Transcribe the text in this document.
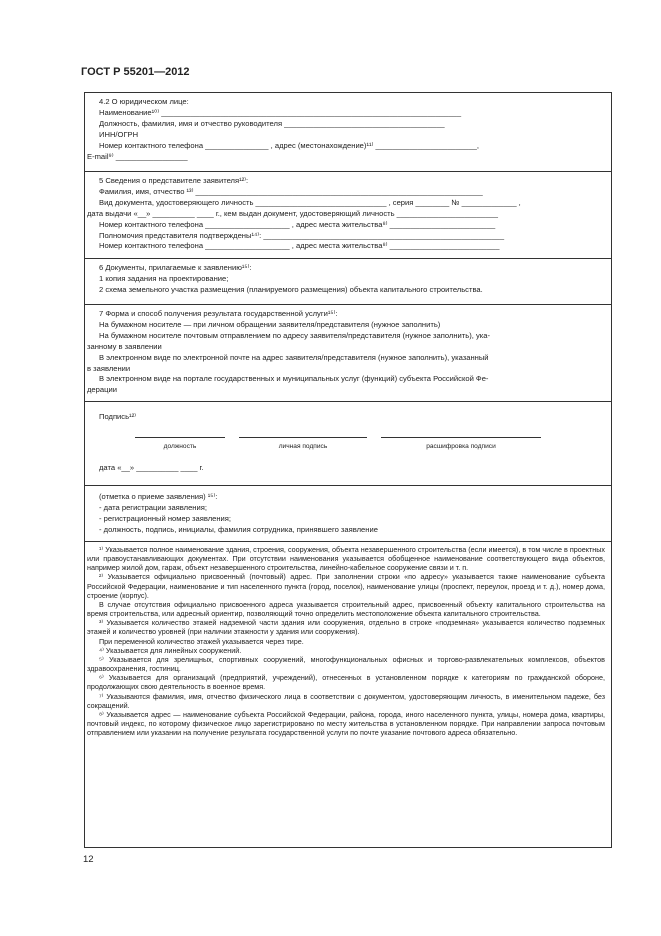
ГОСТ Р 55201—2012
4.2 О юридическом лице:
Наименование¹⁰⁾ _______________________________________________________________________
Должность, фамилия, имя и отчество руководителя ______________________________________
ИНН/ОГРН
Номер контактного телефона _______________ , адрес (местонахождение)¹¹⁾ ________________________,
E-mail⁹⁾ _________________
5 Сведения о представителе заявителя¹²⁾:
Фамилия, имя, отчество ¹³⁾ ____________________________________________________________________
Вид документа, удостоверяющего личность _______________________________ , серия ________ № _____________ ,
дата выдачи «__» __________ ____ г., кем выдан документ, удостоверяющий личность ________________________
Номер контактного телефона ____________________ , адрес места жительства⁸⁾ _________________________
Полномочия представителя подтверждены¹⁴⁾: _________________________________________________________
Номер контактного телефона ____________________ , адрес места жительства⁸⁾ __________________________
6 Документы, прилагаемые к заявлению¹⁵⁾:
1 копия задания на проектирование;
2 схема земельного участка размещения (планируемого размещения) объекта капитального строительства.
7 Форма и способ получения результата государственной услуги¹⁵⁾:
На бумажном носителе — при личном обращении заявителя/представителя (нужное заполнить)
На бумажном носителе почтовым отправлением по адресу заявителя/представителя (нужное заполнить), ука-
занному в заявлении
В электронном виде по электронной почте на адрес заявителя/представителя (нужное заполнить), указанный
в заявлении
В электронном виде на портале государственных и муниципальных услуг (функций) субъекта Российской Фе-
дерации
Подпись¹²⁾
должность	личная подпись	расшифровка подписи
дата «__» __________ ____ г.
(отметка о приеме заявления) ¹⁵⁾:
- дата регистрации заявления;
- регистрационный номер заявления;
- должность, подпись, инициалы, фамилия сотрудника, принявшего заявление

¹⁾ Указывается полное наименование здания, строения, сооружения, объекта незавершенного строительства (если имеется), в том числе в проектных или правоустанавливающих документах. При отсутствии наименования указывается обобщенное наименование соответствующего вида объектов, например жилой дом, гараж, объект незавершенного строительства, линейно-кабельное сооружение связи и т. п.

²⁾ Указывается официально присвоенный (почтовый) адрес. При заполнении строки «по адресу» указывается также наименование субъекта Российской Федерации, наименование и тип населенного пункта (город, поселок), наименование улицы (проспект, переулок, проезд и т. д.), номер дома, строение (корпус).

В случае отсутствия официально присвоенного адреса указывается строительный адрес, присвоенный объекту капитального строительства на время строительства, или адресный ориентир, позволяющий точно определить местоположение объекта капитального строительства.

³⁾ Указывается количество этажей надземной части здания или сооружения, отдельно в строке «подземная» указывается количество подземных этажей и количество уровней (при наличии этажности у здания или сооружения).

При переменной количество этажей указывается через тире.

⁴⁾ Указывается для линейных сооружений.

⁵⁾ Указывается для зрелищных, спортивных сооружений, многофункциональных офисных и торгово-развлекательных комплексов, объектов здравоохранения, гостиниц.

⁶⁾ Указывается для организаций (предприятий, учреждений), отнесенных в установленном порядке к категориям по гражданской обороне, продолжающих свою деятельность в военное время.

⁷⁾ Указываются фамилия, имя, отчество физического лица в соответствии с документом, удостоверяющим личность, в именительном падеже, без сокращений.

⁸⁾ Указывается адрес — наименование субъекта Российской Федерации, района, города, иного населенного пункта, улицы, номера дома, квартиры, почтовый индекс, по которому физическое лицо зарегистрировано по месту жительства в установленном порядке. При направлении запроса почтовым отправлением или указании на получение результата государственной услуги по почте указание почтового адреса обязательно.

12
